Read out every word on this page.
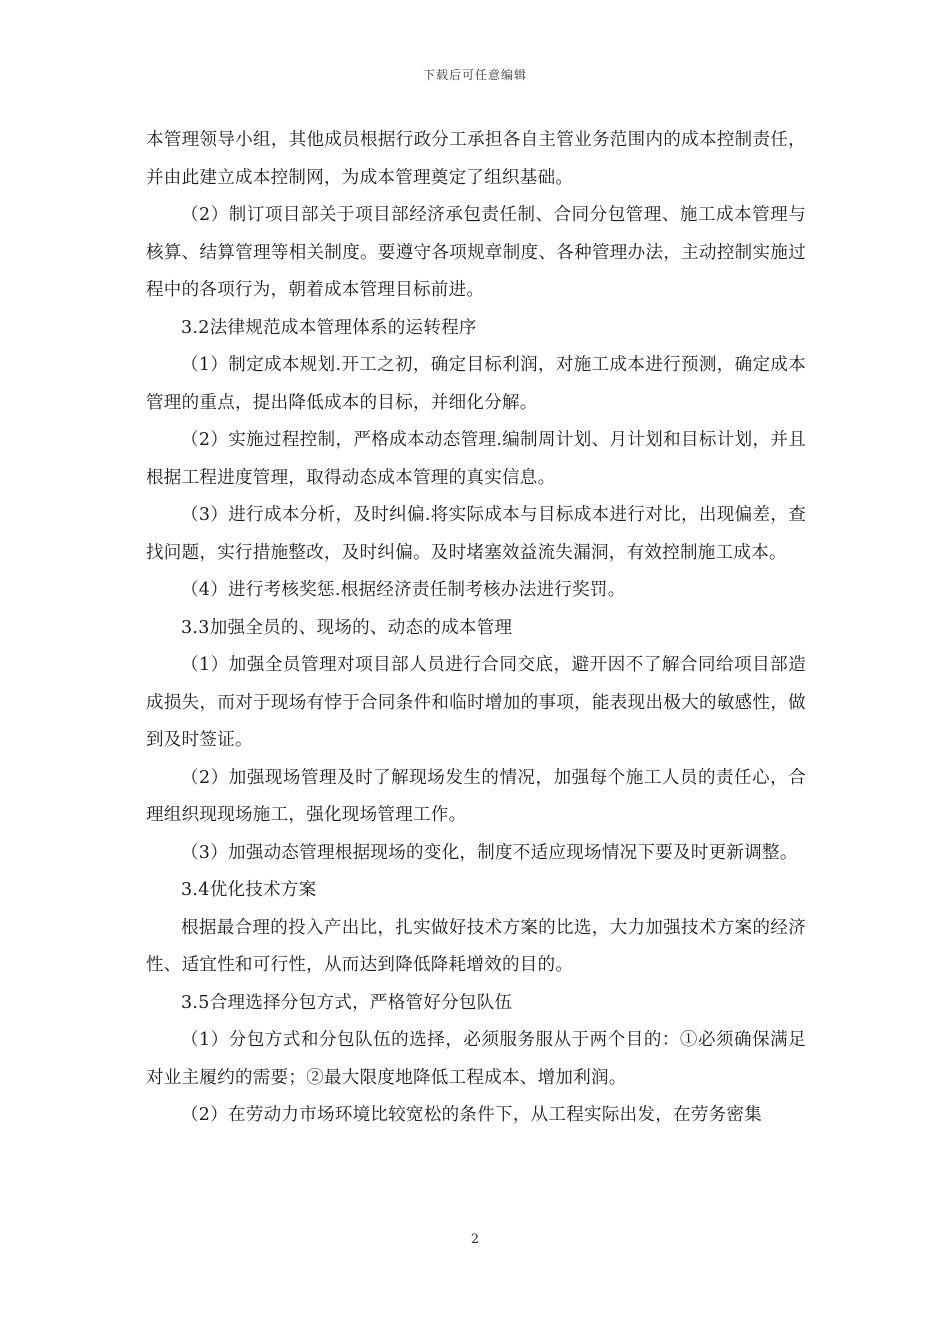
下载后可任意编辑

本管理领导小组，其他成员根据行政分工承担各自主管业务范围内的成本控制责任，并由此建立成本控制网，为成本管理奠定了组织基础。

（2）制订项目部关于项目部经济承包责任制、合同分包管理、施工成本管理与核算、结算管理等相关制度。要遵守各项规章制度、各种管理办法，主动控制实施过程中的各项行为，朝着成本管理目标前进。

3.2法律规范成本管理体系的运转程序

（1）制定成本规划.开工之初，确定目标利润，对施工成本进行预测，确定成本管理的重点，提出降低成本的目标，并细化分解。

（2）实施过程控制，严格成本动态管理.编制周计划、月计划和目标计划，并且根据工程进度管理，取得动态成本管理的真实信息。

（3）进行成本分析，及时纠偏.将实际成本与目标成本进行对比，出现偏差，查找问题，实行措施整改，及时纠偏。及时堵塞效益流失漏洞，有效控制施工成本。

（4）进行考核奖惩.根据经济责任制考核办法进行奖罚。

3.3加强全员的、现场的、动态的成本管理

（1）加强全员管理对项目部人员进行合同交底，避开因不了解合同给项目部造成损失，而对于现场有悖于合同条件和临时增加的事项，能表现出极大的敏感性，做到及时签证。

（2）加强现场管理及时了解现场发生的情况，加强每个施工人员的责任心，合理组织现现场施工，强化现场管理工作。

（3）加强动态管理根据现场的变化，制度不适应现场情况下要及时更新调整。

3.4优化技术方案

根据最合理的投入产出比，扎实做好技术方案的比选，大力加强技术方案的经济性、适宜性和可行性，从而达到降低降耗增效的目的。

3.5合理选择分包方式，严格管好分包队伍

（1）分包方式和分包队伍的选择，必须服务服从于两个目的：①必须确保满足对业主履约的需要；②最大限度地降低工程成本、增加利润。

（2）在劳动力市场环境比较宽松的条件下，从工程实际出发，在劳务密集

2
